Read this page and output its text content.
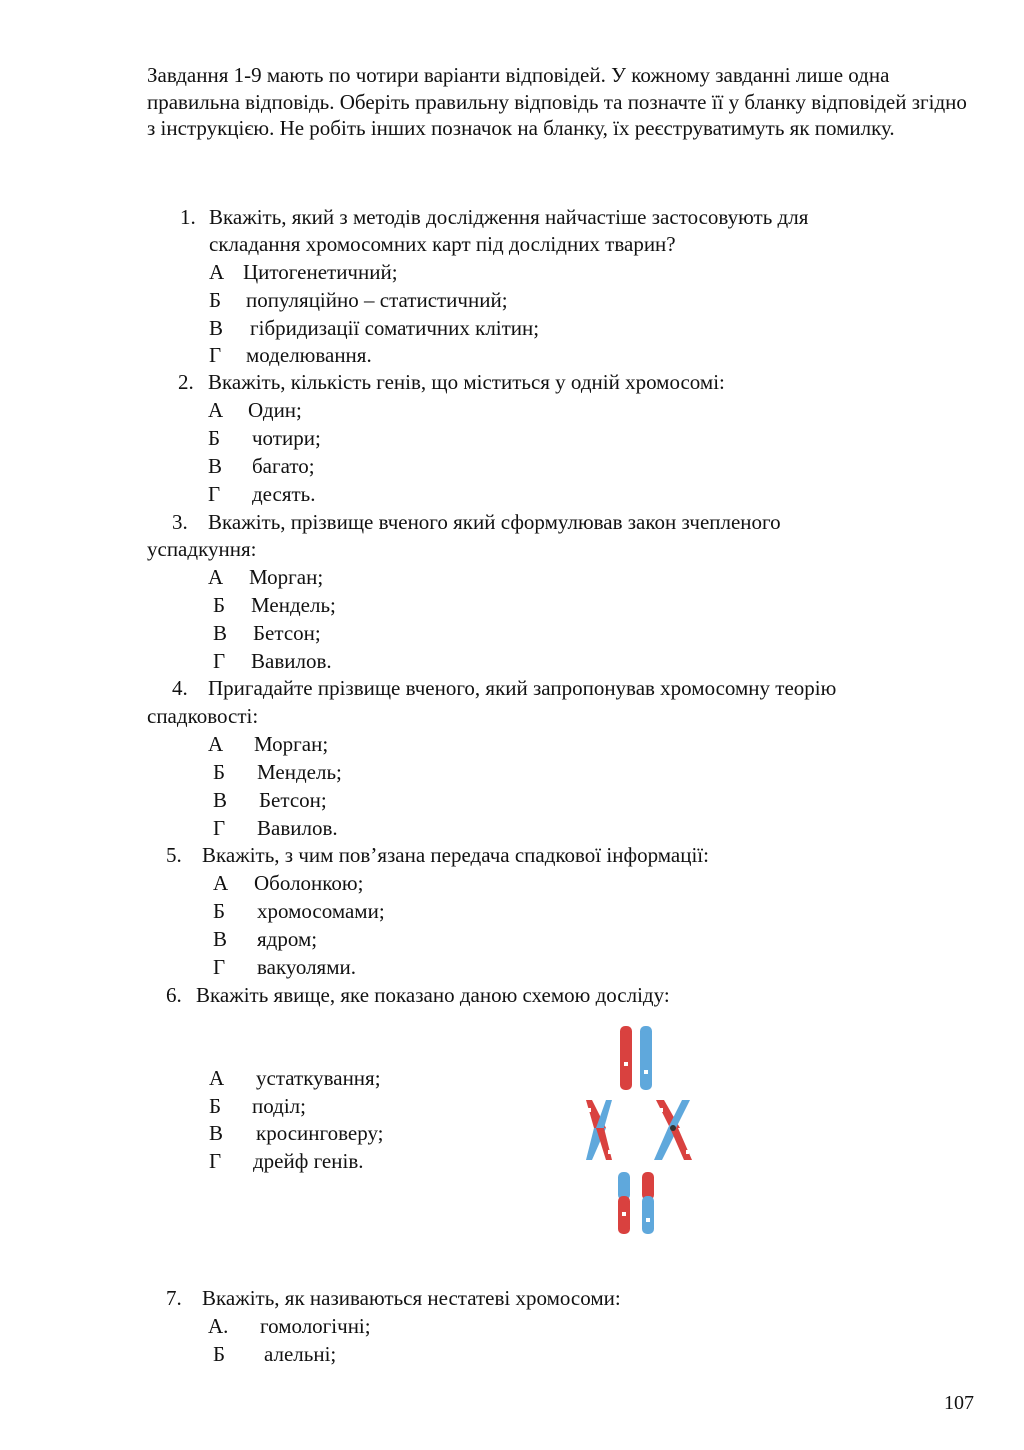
Завдання 1-9 мають по чотири варіанти відповідей. У кожному завданні лише одна правильна відповідь. Оберіть правильну відповідь та позначте її у бланку відповідей згідно з інструкцією. Не робіть інших позначок на бланку, їх реєструватимуть як помилку.
1. Вкажіть, який з методів дослідження найчастіше застосовують для
складання хромосомних карт під дослідних тварин?
А Цитогенетичний;
Б популяційно – статистичний;
В гібридизації соматичних клітин;
Г моделювання.
2. Вкажіть, кількість генів, що міститься у одній хромосомі:
А Один;
Б чотири;
В багато;
Г десять.
3. Вкажіть, прізвище вченого який сформулював закон зчепленого
успадкуння:
А Морган;
Б Мендель;
В Бетсон;
Г Вавилов.
4. Пригадайте прізвище вченого, який запропонував хромосомну теорію
спадковості:
А Морган;
Б Мендель;
В Бетсон;
Г Вавилов.
5. Вкажіть, з чим пов’язана передача спадкової інформації:
А Оболонкою;
Б хромосомами;
В ядром;
Г вакуолями.
6. Вкажіть явище, яке показано даною схемою досліду:
А устаткування;
Б поділ;
В кросинговеру;
Г дрейф генів.
7. Вкажіть, як називаються нестатеві хромосоми:
А. гомологічні;
Б алельні;
107
